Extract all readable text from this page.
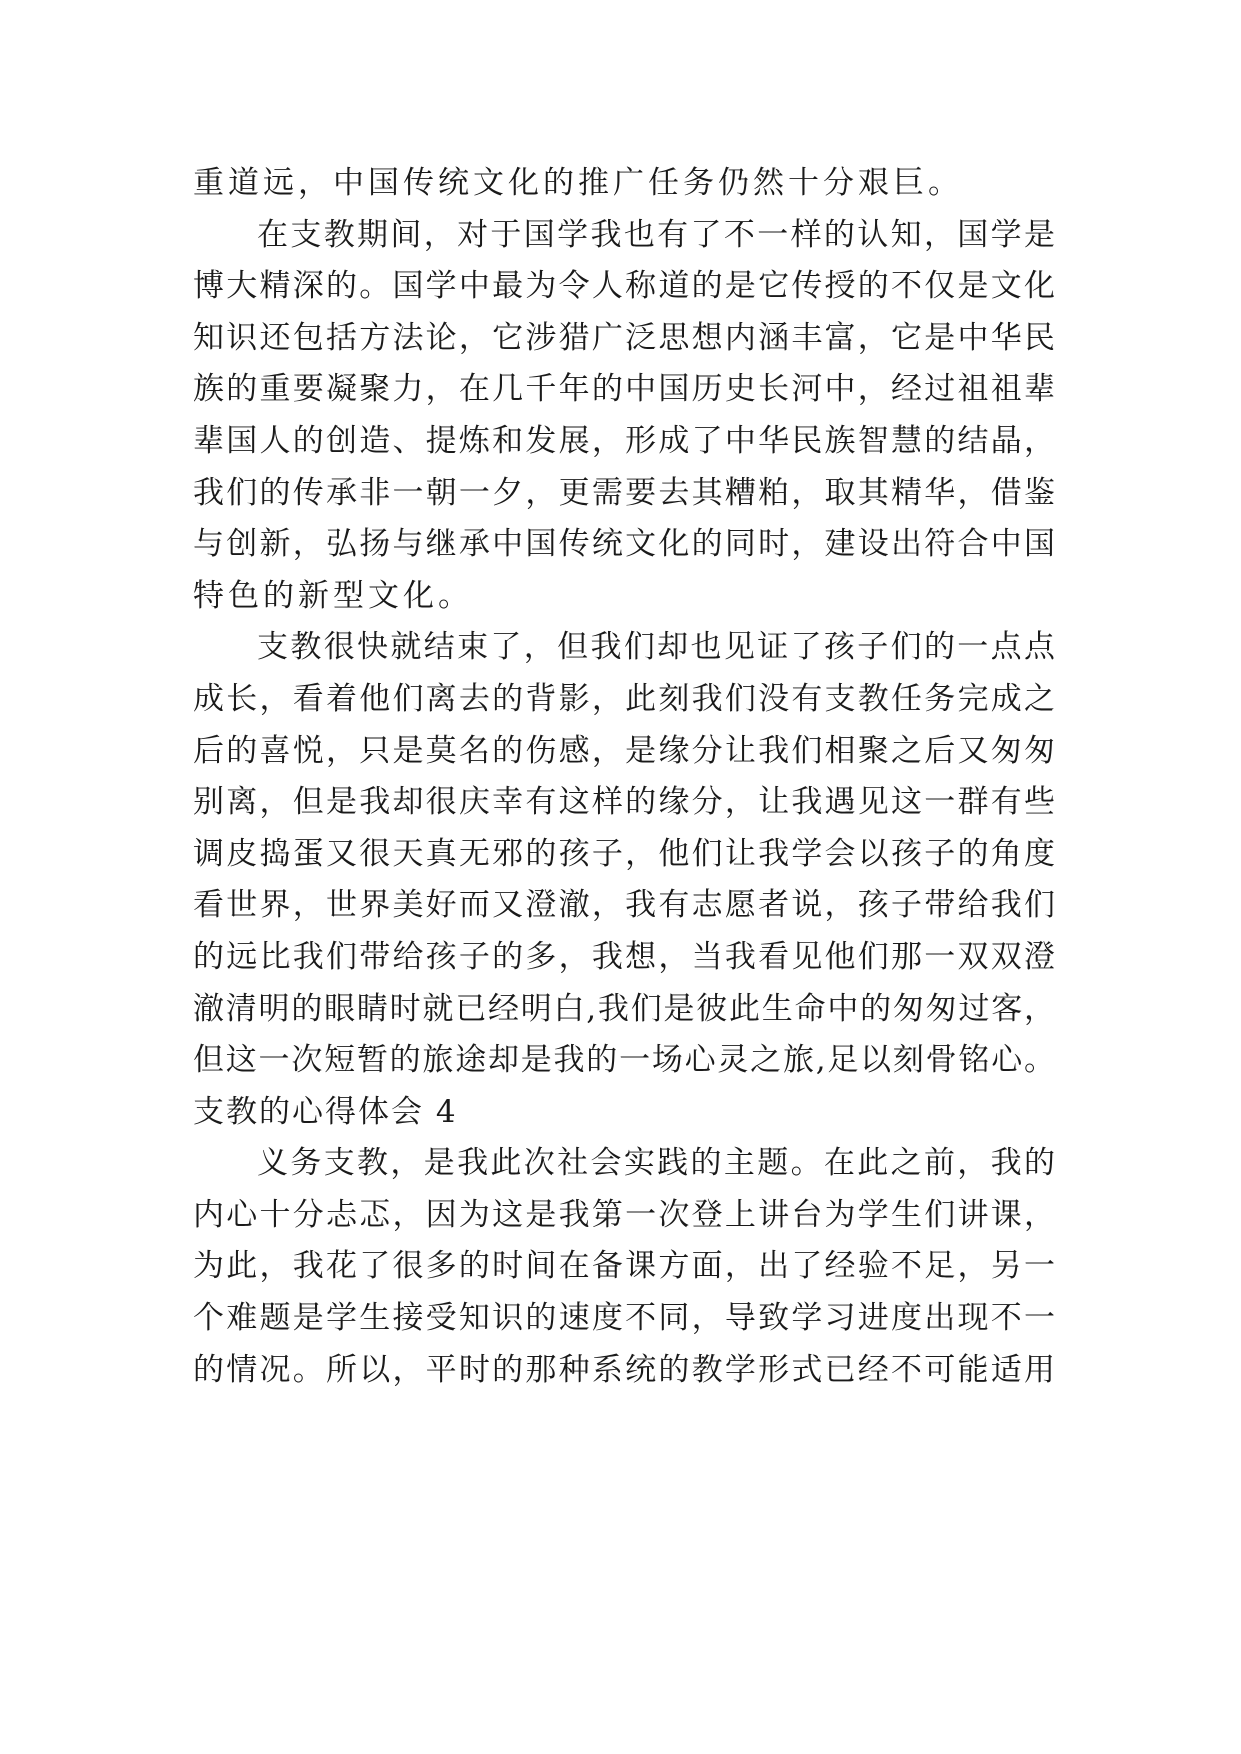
重道远，中国传统文化的推广任务仍然十分艰巨。
在支教期间，对于国学我也有了不一样的认知，国学是
博大精深的。国学中最为令人称道的是它传授的不仅是文化
知识还包括方法论，它涉猎广泛思想内涵丰富，它是中华民
族的重要凝聚力，在几千年的中国历史长河中，经过祖祖辈
辈国人的创造、提炼和发展，形成了中华民族智慧的结晶，
我们的传承非一朝一夕，更需要去其糟粕，取其精华，借鉴
与创新，弘扬与继承中国传统文化的同时，建设出符合中国
特色的新型文化。
支教很快就结束了，但我们却也见证了孩子们的一点点
成长，看着他们离去的背影，此刻我们没有支教任务完成之
后的喜悦，只是莫名的伤感，是缘分让我们相聚之后又匆匆
别离，但是我却很庆幸有这样的缘分，让我遇见这一群有些
调皮捣蛋又很天真无邪的孩子，他们让我学会以孩子的角度
看世界，世界美好而又澄澈，我有志愿者说，孩子带给我们
的远比我们带给孩子的多，我想，当我看见他们那一双双澄
澈清明的眼睛时就已经明白,我们是彼此生命中的匆匆过客，
但这一次短暂的旅途却是我的一场心灵之旅,足以刻骨铭心。
支教的心得体会 4
义务支教，是我此次社会实践的主题。在此之前，我的
内心十分忐忑，因为这是我第一次登上讲台为学生们讲课，
为此，我花了很多的时间在备课方面，出了经验不足，另一
个难题是学生接受知识的速度不同，导致学习进度出现不一
的情况。所以，平时的那种系统的教学形式已经不可能适用
